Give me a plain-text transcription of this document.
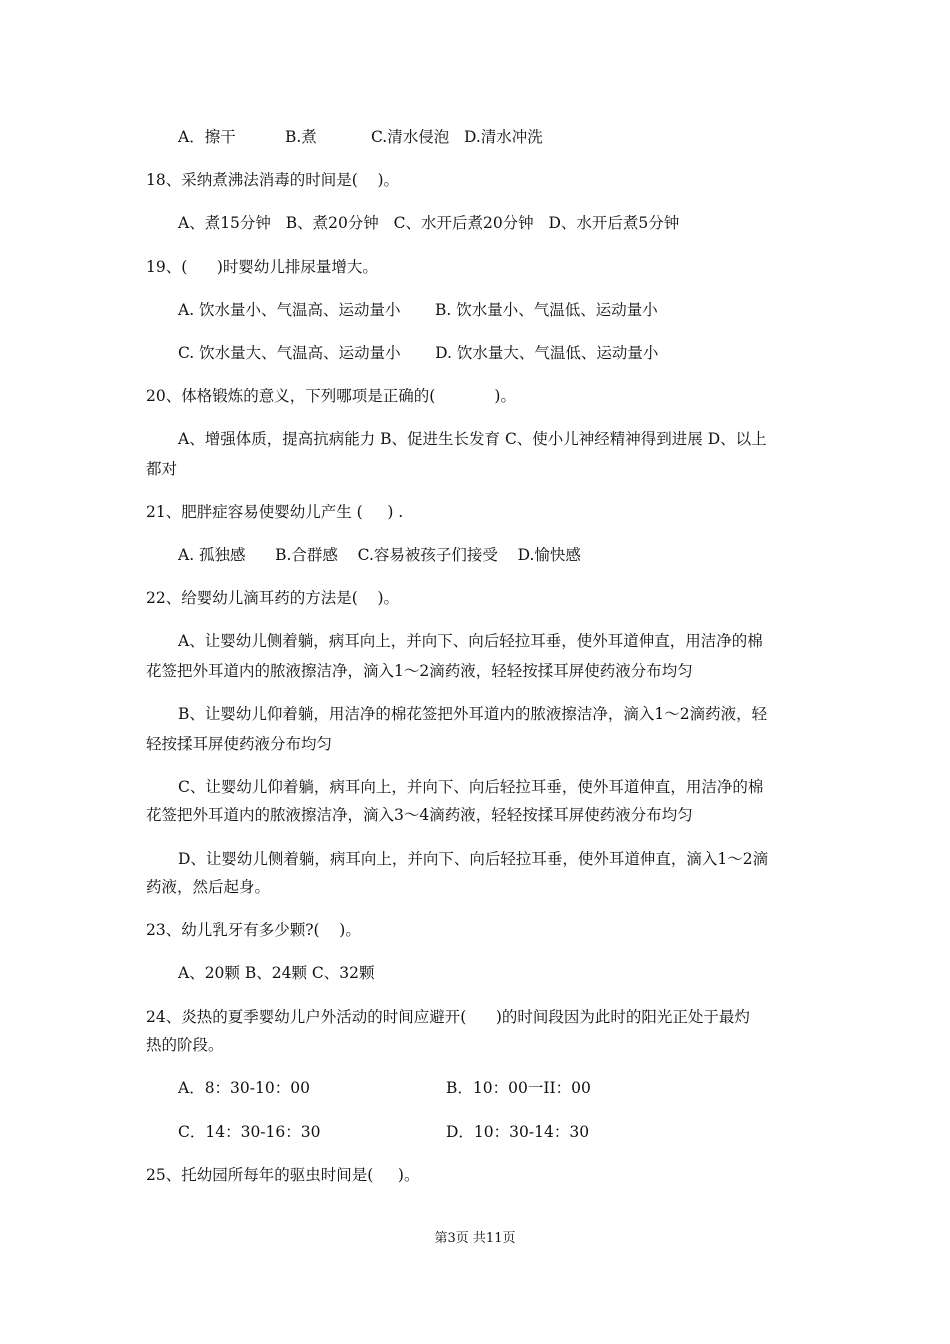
A．擦干          B.煮           C.清水侵泡   D.清水冲洗
18、采纳煮沸法消毒的时间是(    )。
A、煮15分钟   B、煮20分钟   C、水开后煮20分钟   D、水开后煮5分钟
19、(      )时婴幼儿排尿量增大。
A. 饮水量小、气温高、运动量小       B. 饮水量小、气温低、运动量小
C. 饮水量大、气温高、运动量小       D. 饮水量大、气温低、运动量小
20、体格锻炼的意义，下列哪项是正确的(            )。
A、增强体质，提高抗病能力 B、促进生长发育 C、使小儿神经精神得到进展 D、以上
都对
21、肥胖症容易使婴幼儿产生 (     ) .
A. 孤独感      B.合群感    C.容易被孩子们接受    D.愉快感
22、给婴幼儿滴耳药的方法是(    )。
A、让婴幼儿侧着躺，病耳向上，并向下、向后轻拉耳垂，使外耳道伸直，用洁净的棉
花签把外耳道内的脓液擦洁净，滴入1～2滴药液，轻轻按揉耳屏使药液分布均匀
B、让婴幼儿仰着躺，用洁净的棉花签把外耳道内的脓液擦洁净，滴入1～2滴药液，轻
轻按揉耳屏使药液分布均匀
C、让婴幼儿仰着躺，病耳向上，并向下、向后轻拉耳垂，使外耳道伸直，用洁净的棉
花签把外耳道内的脓液擦洁净，滴入3～4滴药液，轻轻按揉耳屏使药液分布均匀
D、让婴幼儿侧着躺，病耳向上，并向下、向后轻拉耳垂，使外耳道伸直，滴入1～2滴
药液，然后起身。
23、幼儿乳牙有多少颗?(    )。
A、20颗 B、24颗 C、32颗
24、炎热的夏季婴幼儿户外活动的时间应避开(      )的时间段因为此时的阳光正处于最灼
热的阶段。
A．8：30-10：00	B．10：00一II：00
C．14：30-16：30	D．10：30-14：30
25、托幼园所每年的驱虫时间是(     )。
第3页 共11页
